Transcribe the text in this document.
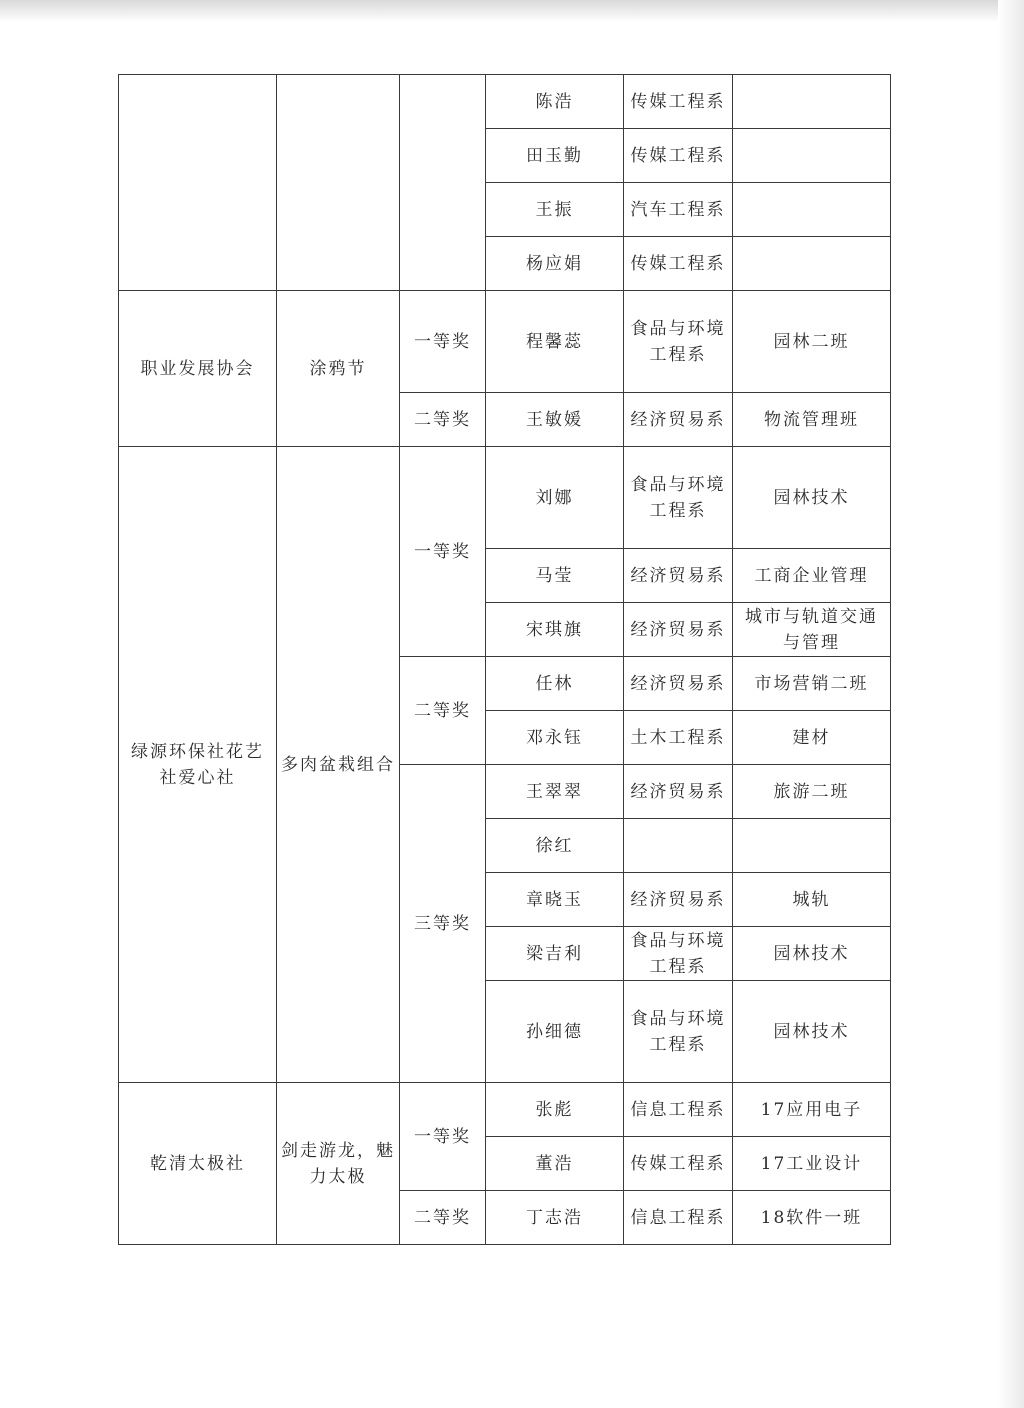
			陈浩	传媒工程系	
			田玉勤	传媒工程系	
			王振	汽车工程系	
			杨应娟	传媒工程系	
职业发展协会	涂鸦节	一等奖	程馨蕊	食品与环境工程系	园林二班
		二等奖	王敏媛	经济贸易系	物流管理班
绿源环保社花艺社爱心社	多肉盆栽组合	一等奖	刘娜	食品与环境工程系	园林技术
			马莹	经济贸易系	工商企业管理
			宋琪旗	经济贸易系	城市与轨道交通与管理
		二等奖	任林	经济贸易系	市场营销二班
			邓永钰	土木工程系	建材
		三等奖	王翠翠	经济贸易系	旅游二班
			徐红		
			章晓玉	经济贸易系	城轨
			梁吉利	食品与环境工程系	园林技术
			孙细德	食品与环境工程系	园林技术
乾清太极社	剑走游龙，魅力太极	一等奖	张彪	信息工程系	17应用电子
			董浩	传媒工程系	17工业设计
		二等奖	丁志浩	信息工程系	18软件一班
